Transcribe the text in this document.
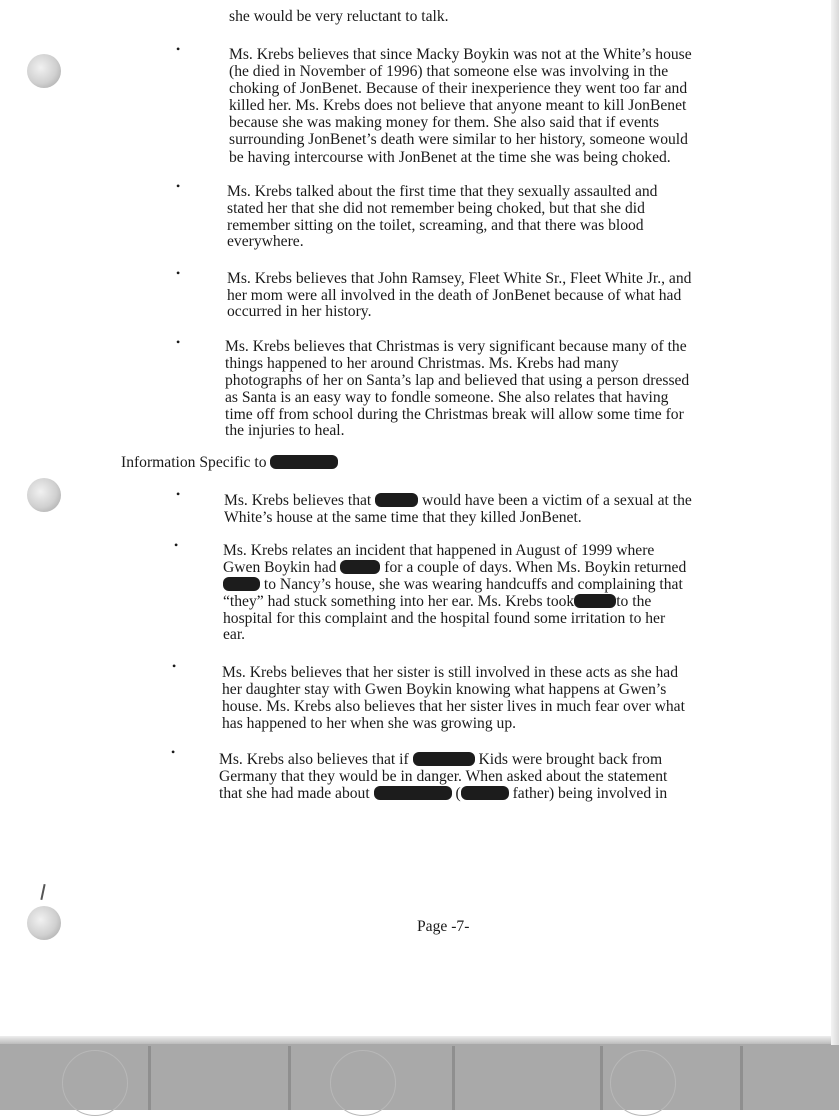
she would be very reluctant to talk.

•	Ms. Krebs believes that since Macky Boykin was not at the White’s house

(he died in November of 1996) that someone else was involving in the

choking of JonBenet. Because of their inexperience they went too far and

killed her. Ms. Krebs does not believe that anyone meant to kill JonBenet

because she was making money for them. She also said that if events

surrounding JonBenet’s death were similar to her history, someone would

be having intercourse with JonBenet at the time she was being choked.

•	Ms. Krebs talked about the first time that they sexually assaulted and

stated her that she did not remember being choked, but that she did

remember sitting on the toilet, screaming, and that there was blood

everywhere.

•	Ms. Krebs believes that John Ramsey, Fleet White Sr., Fleet White Jr., and

her mom were all involved in the death of JonBenet because of what had

occurred in her history.

•	Ms. Krebs believes that Christmas is very significant because many of the

things happened to her around Christmas. Ms. Krebs had many

photographs of her on Santa’s lap and believed that using a person dressed

as Santa is an easy way to fondle someone. She also relates that having

time off from school during the Christmas break will allow some time for

the injuries to heal.

Information Specific to

•	Ms. Krebs believes that	would have been a victim of a sexual at the

White’s house at the same time that they killed JonBenet.

•	Ms. Krebs relates an incident that happened in August of 1999 where

Gwen Boykin had	for a couple of days. When Ms. Boykin returned

to Nancy’s house, she was wearing handcuffs and complaining that

“they” had stuck something into her ear. Ms. Krebs took	to the

hospital for this complaint and the hospital found some irritation to her

ear.

•	Ms. Krebs believes that her sister is still involved in these acts as she had

her daughter stay with Gwen Boykin knowing what happens at Gwen’s

house. Ms. Krebs also believes that her sister lives in much fear over what

has happened to her when she was growing up.

•	Ms. Krebs also believes that if	Kids were brought back from

Germany that they would be in danger. When asked about the statement

that she had made about	(	father) being involved in

Page -7-
